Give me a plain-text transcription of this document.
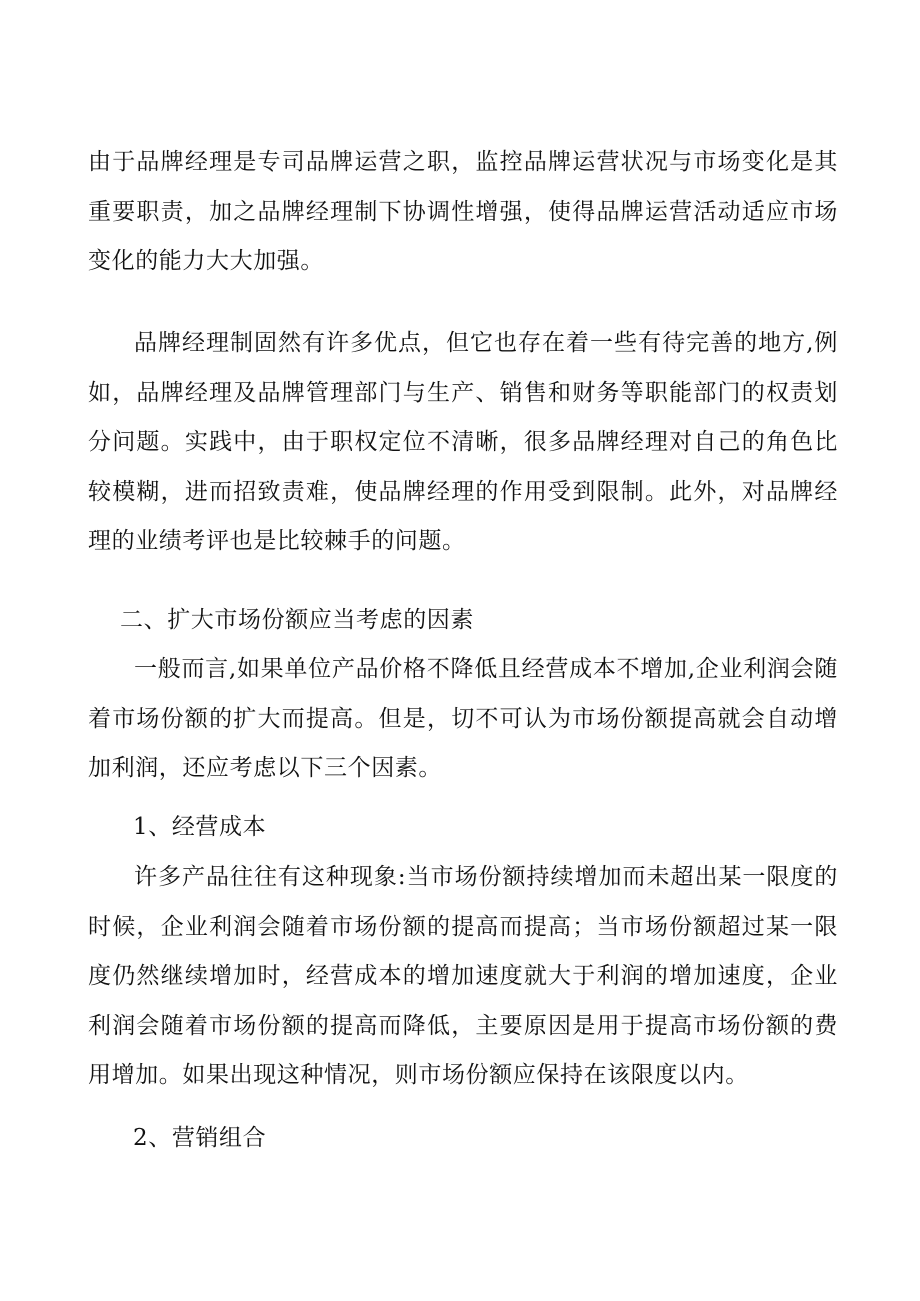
由于品牌经理是专司品牌运营之职，监控品牌运营状况与市场变化是其重要职责，加之品牌经理制下协调性增强，使得品牌运营活动适应市场变化的能力大大加强。

品牌经理制固然有许多优点，但它也存在着一些有待完善的地方,例如，品牌经理及品牌管理部门与生产、销售和财务等职能部门的权责划分问题。实践中，由于职权定位不清晰，很多品牌经理对自己的角色比较模糊，进而招致责难，使品牌经理的作用受到限制。此外，对品牌经理的业绩考评也是比较棘手的问题。

二、扩大市场份额应当考虑的因素

一般而言,如果单位产品价格不降低且经营成本不增加,企业利润会随着市场份额的扩大而提高。但是，切不可认为市场份额提高就会自动增加利润，还应考虑以下三个因素。

1、经营成本

许多产品往往有这种现象:当市场份额持续增加而未超出某一限度的时候，企业利润会随着市场份额的提高而提高；当市场份额超过某一限度仍然继续增加时，经营成本的增加速度就大于利润的增加速度，企业利润会随着市场份额的提高而降低，主要原因是用于提高市场份额的费用增加。如果出现这种情况，则市场份额应保持在该限度以内。

2、营销组合
